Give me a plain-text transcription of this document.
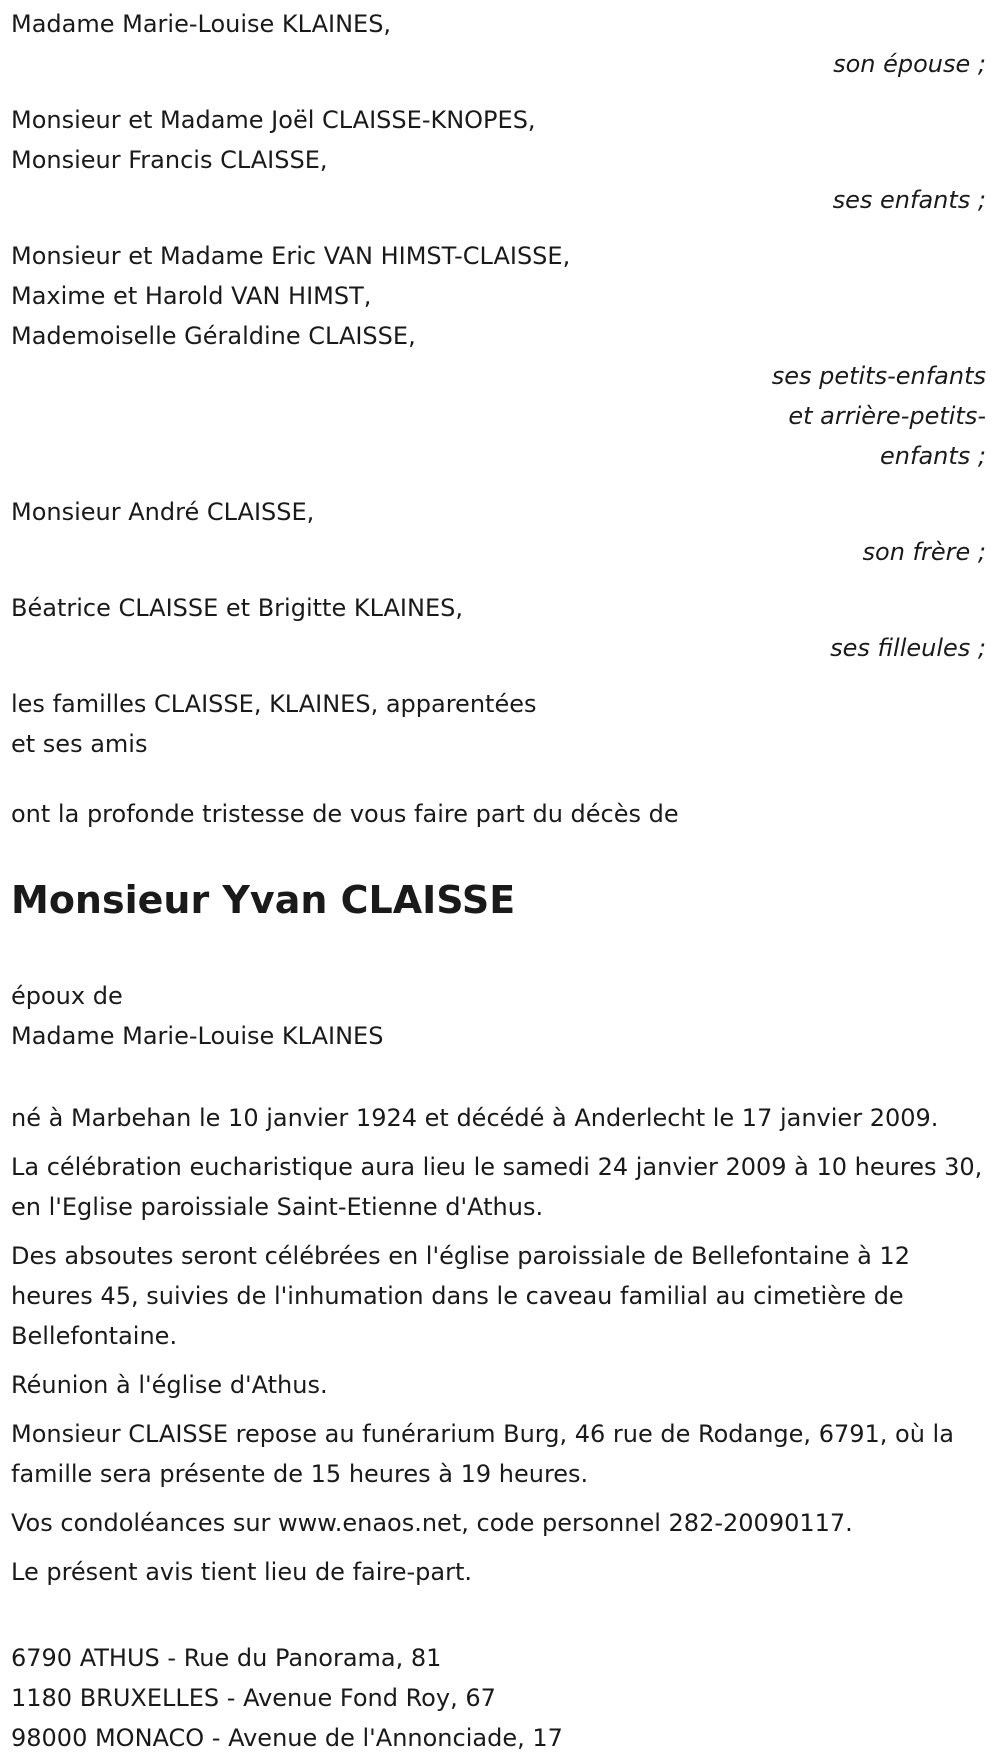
Madame Marie-Louise KLAINES,

son épouse ;

Monsieur et Madame Joël CLAISSE-KNOPES,

Monsieur Francis CLAISSE,

ses enfants ;

Monsieur et Madame Eric VAN HIMST-CLAISSE,

Maxime et Harold VAN HIMST,

Mademoiselle Géraldine CLAISSE,

ses petits-enfants

et arrière-petits-

enfants ;

Monsieur André CLAISSE,

son frère ;

Béatrice CLAISSE et Brigitte KLAINES,

ses filleules ;

les familles CLAISSE, KLAINES, apparentées

et ses amis

ont la profonde tristesse de vous faire part du décès de

Monsieur Yvan CLAISSE

époux de

Madame Marie-Louise KLAINES

né à Marbehan le 10 janvier 1924 et décédé à Anderlecht le 17 janvier 2009.

La célébration eucharistique aura lieu le samedi 24 janvier 2009 à 10 heures 30, en l'Eglise paroissiale Saint-Etienne d'Athus.

Des absoutes seront célébrées en l'église paroissiale de Bellefontaine à 12 heures 45, suivies de l'inhumation dans le caveau familial au cimetière de Bellefontaine.

Réunion à l'église d'Athus.

Monsieur CLAISSE repose au funérarium Burg, 46 rue de Rodange, 6791, où la famille sera présente de 15 heures à 19 heures.

Vos condoléances sur www.enaos.net, code personnel 282-20090117.

Le présent avis tient lieu de faire-part.

6790 ATHUS - Rue du Panorama, 81

1180 BRUXELLES - Avenue Fond Roy, 67

98000 MONACO - Avenue de l'Annonciade, 17
